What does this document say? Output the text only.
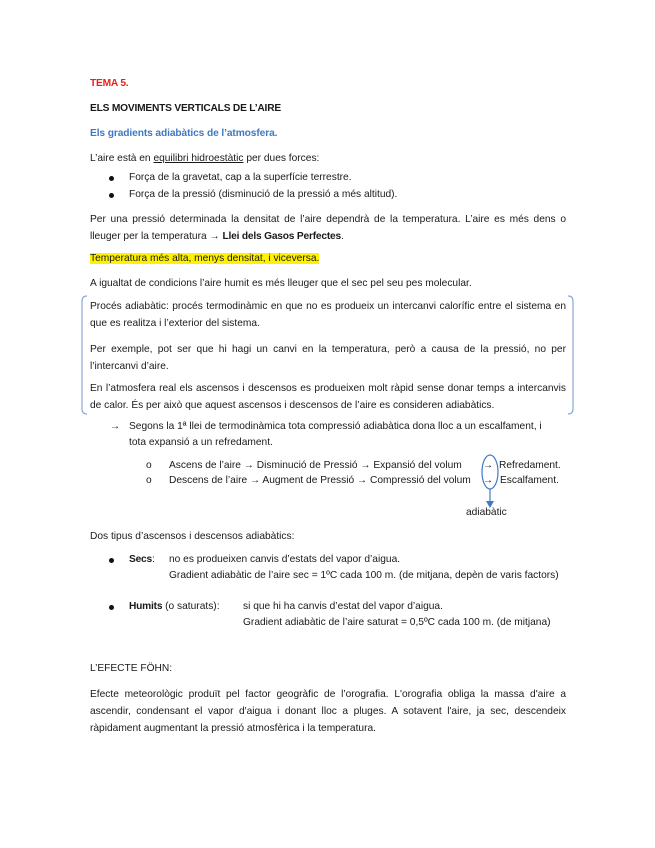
TEMA 5.
ELS MOVIMENTS VERTICALS DE L’AIRE
Els gradients adiabàtics de l’atmosfera.
L’aire està en equilibri hidroestàtic per dues forces:
Força de la gravetat, cap a la superfície terrestre.
Força de la pressió (disminució de la pressió a més altitud).
Per una pressió determinada la densitat de l’aire dependrà de la temperatura. L’aire es més dens o lleuger per la temperatura → Llei dels Gasos Perfectes.
Temperatura més alta, menys densitat, i viceversa.
A igualtat de condicions l’aire humit es més lleuger que el sec pel seu pes molecular.
Procés adiabàtic: procés termodinàmic en que no es produeix un intercanvi calorífic entre el sistema en que es realitza i l’exterior del sistema.
Per exemple, pot ser que hi hagi un canvi en la temperatura, però a causa de la pressió, no per l’intercanvi d’aire.
En l’atmosfera real els ascensos i descensos es produeixen molt ràpid sense donar temps a intercanvis de calor. És per això que aquest ascensos i descensos de l’aire es consideren adiabàtics.
→ Segons la 1ª llei de termodinàmica tota compressió adiabàtica dona lloc a un escalfament, i
tota expansió a un refredament.
o Ascens de l’aire → Disminució de Pressió → Expansió del volum → Refredament.
o Descens de l’aire → Augment de Pressió → Compressió del volum → Escalfament.
adiabàtic
Dos tipus d’ascensos i descensos adiabàtics:
Secs: no es produeixen canvis d’estats del vapor d’aigua.
Gradient adiabàtic de l’aire sec = 1ºC cada 100 m. (de mitjana, depèn de varis factors)
Humits (o saturats): si que hi ha canvis d’estat del vapor d’aigua.
Gradient adiabàtic de l’aire saturat = 0,5ºC cada 100 m. (de mitjana)
L’EFECTE FÖHN:
Efecte meteorològic produït pel factor geogràfic de l’orografia. L'orografia obliga la massa d'aire a ascendir, condensant el vapor d'aigua i donant lloc a pluges. A sotavent l'aire, ja sec, descendeix ràpidament augmentant la pressió atmosfèrica i la temperatura.
